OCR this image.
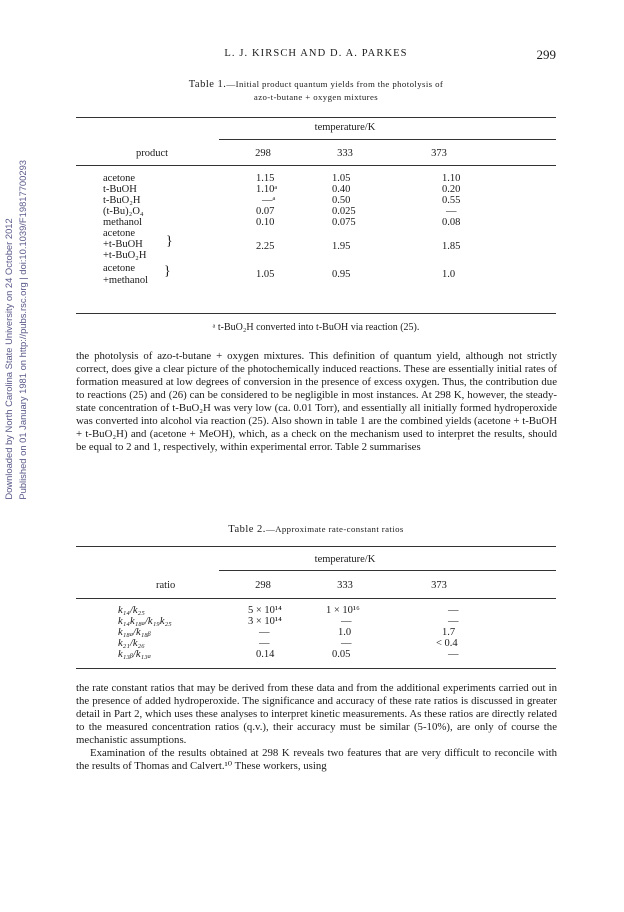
Downloaded by North Carolina State University on 24 October 2012 Published on 01 January 1981 on http://pubs.rsc.org | doi:10.1039/F19817700293
L. J. KIRSCH AND D. A. PARKES	299
Table 1.—Initial product quantum yields from the photolysis of
azo-t-butane + oxygen mixtures
temperature/K
product	298	333	373
acetone	1.15	1.05	1.10
t-BuOH	1.10ᵃ	0.40	0.20
t-BuO₂H	—ᵃ	0.50	0.55
(t-Bu)₂O₄	0.07	0.025	—
methanol	0.10	0.075	0.08
acetone
+t-BuOH
+t-BuO₂H
}	2.25	1.95	1.85
acetone
+methanol
}	1.05	0.95	1.0
ᵃ t-BuO₂H converted into t-BuOH via reaction (25).

the photolysis of azo-t-butane + oxygen mixtures. This definition of quantum yield, although not strictly correct, does give a clear picture of the photochemically induced reactions. These are essentially initial rates of formation measured at low degrees of conversion in the presence of excess oxygen. Thus, the contribution due to reactions (25) and (26) can be considered to be negligible in most instances. At 298 K, however, the steady-state concentration of t-BuO₂H was very low (ca. 0.01 Torr), and essentially all initially formed hydroperoxide was converted into alcohol via reaction (25). Also shown in table 1 are the combined yields (acetone + t-BuOH + t-BuO₂H) and (acetone + MeOH), which, as a check on the mechanism used to interpret the results, should be equal to 2 and 1, respectively, within experimental error. Table 2 summarises

Table 2.—Approximate rate-constant ratios
temperature/K
ratio	298	333	373
k₁₄/k₂₅	5 × 10¹⁴	1 × 10¹⁶	—
k₁₄k₁₈ₐ/k₁₉k₂₅	3 × 10¹⁴	—	—
k₁₈ₐ/k₁₈ᵦ	—	1.0	1.7
k₂₁/k₂₆	—	—	< 0.4
k₁₃ᵦ/k₁₃ₐ	0.14	0.05	—

the rate constant ratios that may be derived from these data and from the additional experiments carried out in the presence of added hydroperoxide. The significance and accuracy of these rate ratios is discussed in greater detail in Part 2, which uses these analyses to interpret kinetic measurements. As these ratios are directly related to the measured concentration ratios (q.v.), their accuracy must be similar (5-10%), are only of course the mechanistic assumptions.

Examination of the results obtained at 298 K reveals two features that are very difficult to reconcile with the results of Thomas and Calvert.¹⁰ These workers, using
